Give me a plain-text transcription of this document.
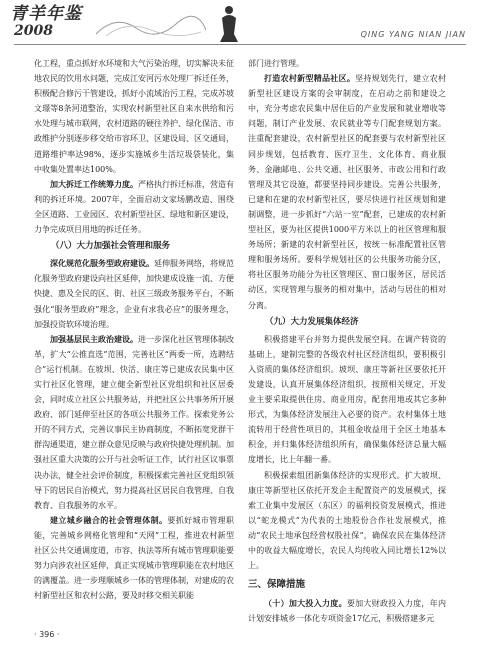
青羊年鉴
2008	QING YANG NIAN JIAN

化工程，重点抓好水环境和大气污染治理，切实解决未征地农民的饮用水问题，完成江安河污水处理厂拆迁任务，积极配合修污干管建设，抓好小流域治污工程，完成苏坡文璟等8条河道整治，实现农村新型社区自来水供给和污水处理与城市联网，农村道路的硬往养护、绿化保洁、市政维护分别逐步移交给市容环卫、区建设局、区交通局，道路维护率达98%，逐步实施城乡生活垃圾袋装化，集中收集处置率达100%。

加大拆迁工作统筹力度。严格执行拆迁标准，营造有利的拆迁环境。2007年，全面启动文家场鹏改造、围绕全区道路、工业园区、农村新型社区、绿地和新区建设，力争完成项目用地的拆迁任务。

（八）大力加强社会管理和服务

深化规范化服务型政府建设。延伸服务网络，将规范化服务型政府建设向社区延伸，加快建成设施一流、方便快捷、惠及全民的区、街、社区三级政务服务平台，不断强化“服务型政府”理念，企业有求我必应”的服务理念，加强投资软环境治理。

加强基层民主政治建设。进一步深化社区管理体制改革，扩大“公推直选”范围，完善社区“两委一所，选聘结合”运行机制。在坡坝、快活、康庄等已建成农民集中区实行社区化管理，建立健全新型社区党组织和社区居委会，同时成立社区公共服务站，并把社区公共事务所开展政府、部门延伸至社区的各项公共服务工作。探索党务公开的不同方式，完善议事民主协商制度，不断拓宽党群干群沟通渠道，建立群众意见反映与政府快捷处理机制。加强社区重大决策的公开与社会听证工作，试行社区议事票决办法，健全社会评价制度，积极探索完善社区党组织领导下的居民自治模式，努力提高社区居民自我管理、自我教育、自我服务的水平。

建立城乡融合的社会管理体制。要抓好城市管理职能，完善城乡网格化管理和“天网”工程，推进农村新型社区公共交通调度道，市容、执法等所有城市管理职能要努力向涉农社区延伸，真正实现城市管理职能在农村地区的满覆盖。进一步理顺城乡一体的管理体制，对建成的农村新型社区和农村公路，要及时移交相关职能

部门进行管理。

打造农村新型精品社区。坚持规划先行，建立农村新型社区建设方案的会审制度，在启动之前和建设之中，充分考虑农民集中居住后的产业发展和就业增收等问题，制订产业发展、农民就业等专门配套规划方案。注重配套建设，农村新型社区的配套要与农村新型社区同步规划，包括教育、医疗卫生、文化体育、商业服务、金融邮电、公共交通、社区服务、市政公用和行政管理及其它设施，都要坚持同步建设。完善公共服务，已建和在建的农村新型社区，要尽快进行社区规划和建制调整，进一步抓好“六站一室”配套，已建成的农村新型社区，要为社区提供1000平方米以上的社区管理和服务场所；新建的农村新型社区，按统一标准配置社区管理和服务场所。要科学规划社区的公共服务功能分区，将社区服务功能分为社区管理区、窗口服务区，居民活动区，实现管理与服务的相对集中，活动与居住的相对分离。

（九）大力发展集体经济

积极搭建平台并努力提供发展空间。在调产转资的基础上，建制完整的各级农村社区经济组织，要积极引入资质的集体经济组织。坡坝、康庄等新社区要依托开发建设，认真开展集体经济组织，按照相关规定，开发业主要采取提供住房、商业用房，配套用地或其它多种形式，为集体经济发展注入必要的资产。农村集体土地流转用于经营性项目的，其租金收益用于全区土地基本积金，并归集体经济组织所有，确保集体经济总量大幅度增长，比上年翻一番。

积极探索组团新集体经济的实现形式。扩大坡坝、康庄等新型社区依托开发企主配置资产的发展模式，探索工业集中发展区（东区）的福利投资发展模式，推进以“蛇龙模式”为代表的土地股份合作社发展模式，推动“农民土地承包经营权股社保”，确保农民在集体经济中的收益大幅度增长，农民人均纯收入同比增长12%以上。

三、保障措施

（十）加大投入力度。要加大财政投入力度，年内计划安排城乡一体化专项资金17亿元，积极搭建多元

· 396 ·
